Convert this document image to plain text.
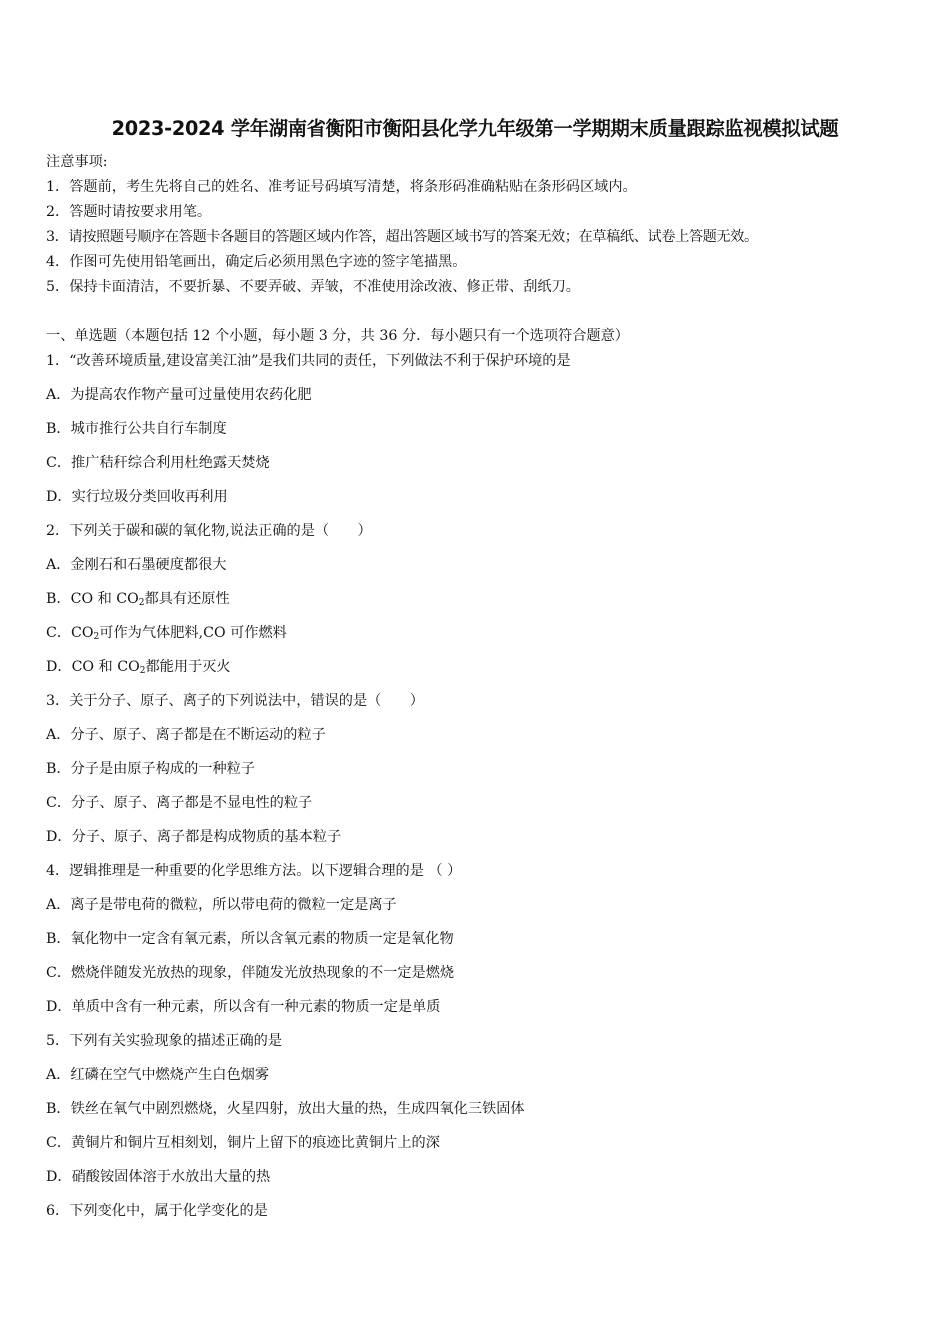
2023-2024 学年湖南省衡阳市衡阳县化学九年级第一学期期末质量跟踪监视模拟试题
注意事项:
1．答题前，考生先将自己的姓名、准考证号码填写清楚，将条形码准确粘贴在条形码区域内。
2．答题时请按要求用笔。
3．请按照题号顺序在答题卡各题目的答题区域内作答，超出答题区域书写的答案无效；在草稿纸、试卷上答题无效。
4．作图可先使用铅笔画出，确定后必须用黑色字迹的签字笔描黑。
5．保持卡面清洁，不要折暴、不要弄破、弄皱，不准使用涂改液、修正带、刮纸刀。
一、单选题（本题包括 12 个小题，每小题 3 分，共 36 分．每小题只有一个选项符合题意）
1．“改善环境质量,建设富美江油”是我们共同的责任，下列做法不利于保护环境的是
A．为提高农作物产量可过量使用农药化肥
B．城市推行公共自行车制度
C．推广秸秆综合利用杜绝露天焚烧
D．实行垃圾分类回收再利用
2．下列关于碳和碳的氧化物,说法正确的是（　　）
A．金刚石和石墨硬度都很大
B．CO 和 $CO_2$都具有还原性
C．$CO_2$可作为气体肥料,CO 可作燃料
D．CO 和 $CO_2$都能用于灭火
3．关于分子、原子、离子的下列说法中，错误的是（　　）
A．分子、原子、离子都是在不断运动的粒子
B．分子是由原子构成的一种粒子
C．分子、原子、离子都是不显电性的粒子
D．分子、原子、离子都是构成物质的基本粒子
4．逻辑推理是一种重要的化学思维方法。以下逻辑合理的是 （ ）
A．离子是带电荷的微粒，所以带电荷的微粒一定是离子
B．氧化物中一定含有氧元素，所以含氧元素的物质一定是氧化物
C．燃烧伴随发光放热的现象，伴随发光放热现象的不一定是燃烧
D．单质中含有一种元素，所以含有一种元素的物质一定是单质
5．下列有关实验现象的描述正确的是
A．红磷在空气中燃烧产生白色烟雾
B．铁丝在氧气中剧烈燃烧，火星四射，放出大量的热，生成四氧化三铁固体
C．黄铜片和铜片互相刻划，铜片上留下的痕迹比黄铜片上的深
D．硝酸铵固体溶于水放出大量的热
6．下列变化中，属于化学变化的是
